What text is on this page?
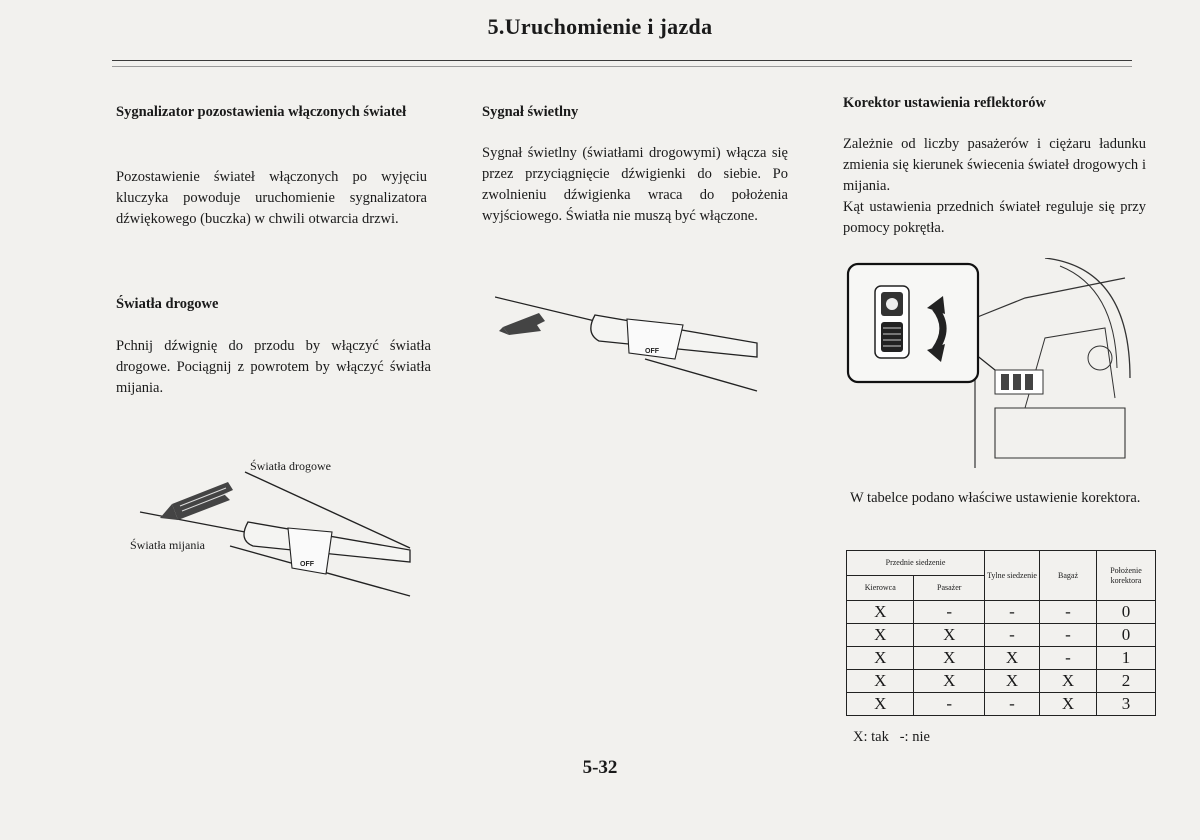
5.Uruchomienie i jazda
Sygnalizator pozostawienia włączonych świateł
Pozostawienie świateł włączonych po wyjęciu kluczyka powoduje uruchomienie sygnalizatora dźwiękowego (buczka) w chwili otwarcia drzwi.
Światła drogowe
Pchnij dźwignię do przodu by włączyć światła drogowe. Pociągnij z powrotem by włączyć światła mijania.
Światła drogowe
Światła mijania
OFF
Sygnał świetlny
Sygnał świetlny (światłami drogowymi) włącza się przez przyciągnięcie dźwigienki do siebie. Po zwolnieniu dźwigienka wraca do położenia wyjściowego. Światła nie muszą być włączone.
OFF
Korektor ustawienia reflektorów
Zależnie od liczby pasażerów i ciężaru ładunku zmienia się kierunek świecenia świateł drogowych i mijania.
Kąt ustawienia przednich świateł reguluje się przy pomocy pokrętła.
W tabelce podano właściwe ustawienie korektora.
Przednie siedzenie		Tylne siedzenie	Bagaż	Położenie korektora
Kierowca	Pasażer			
X	-	-	-	0
X	X	-	-	0
X	X	X	-	1
X	X	X	X	2
X	-	-	X	3
X: tak   -: nie
5-32
